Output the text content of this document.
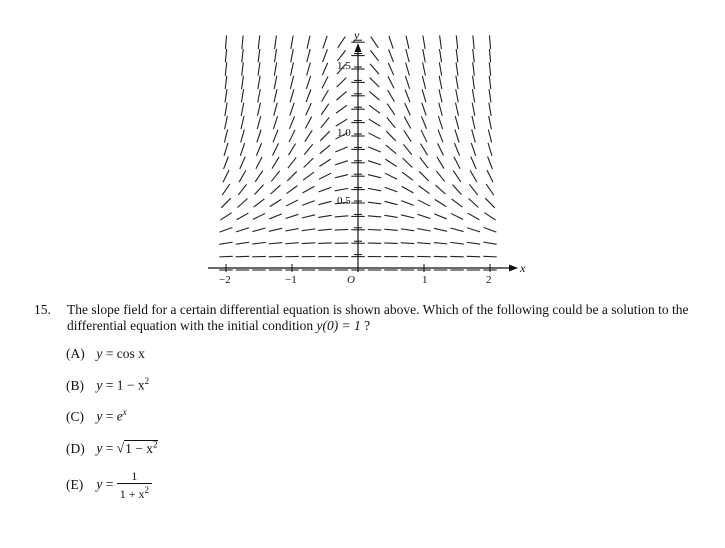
x
y
−2	−1	O	1	2
0.5
1.0
1.5
15. The slope field for a certain differential equation is shown above. Which of the following could be a solution to the differential equation with the initial condition y(0) = 1 ?
(A) y = cos x
(B) $y = 1 - x^2$
(C) $y = e^x$
(D) $y = √1 - x^2$
(E) $y = \frac{1}{1 + x^2}$
